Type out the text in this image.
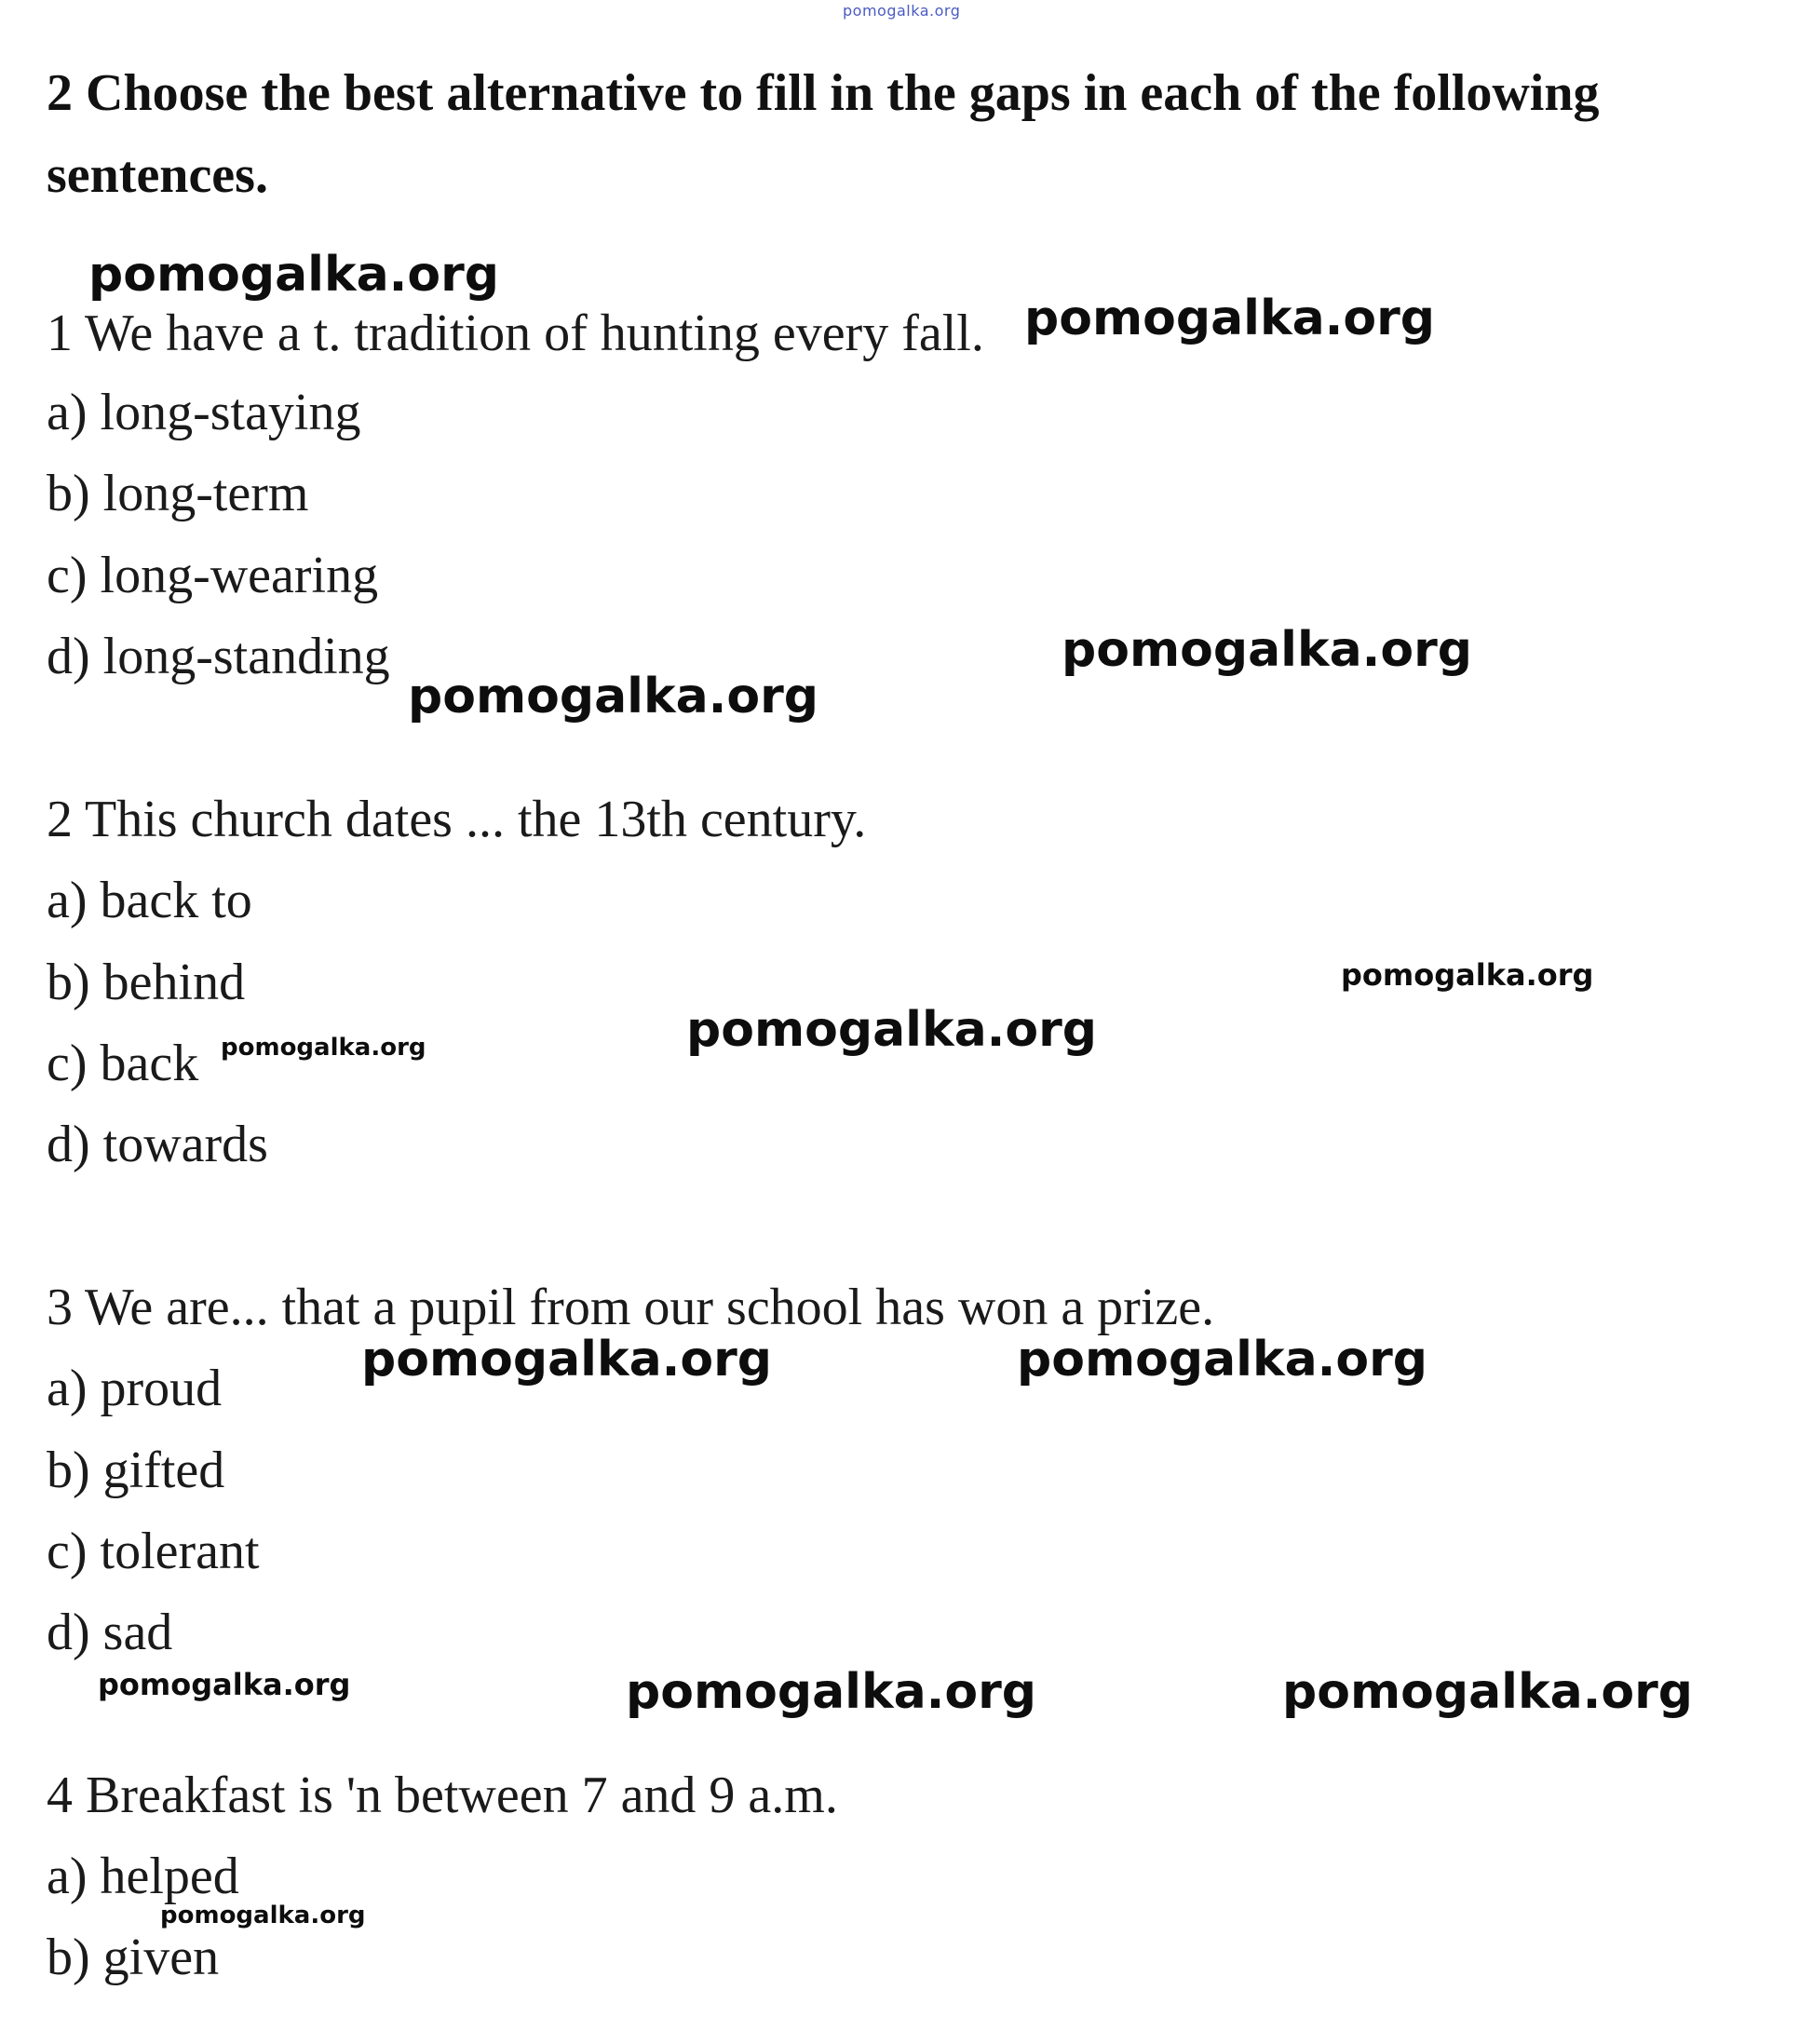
pomogalka.org
2 Choose the best alternative to fill in the gaps in each of the following sentences.
1 We have a t. tradition of hunting every fall.
a) long-staying
b) long-term
c) long-wearing
d) long-standing
2 This church dates ... the 13th century.
a) back to
b) behind
c) back
d) towards
3 We are... that a pupil from our school has won a prize.
a) proud
b) gifted
c) tolerant
d) sad
4 Breakfast is 'n between 7 and 9 a.m.
a) helped
b) given
pomogalka.org
pomogalka.org
pomogalka.org
pomogalka.org
pomogalka.org
pomogalka.org	pomogalka.org
pomogalka.org	pomogalka.org
pomogalka.org	pomogalka.org	pomogalka.org
pomogalka.org
